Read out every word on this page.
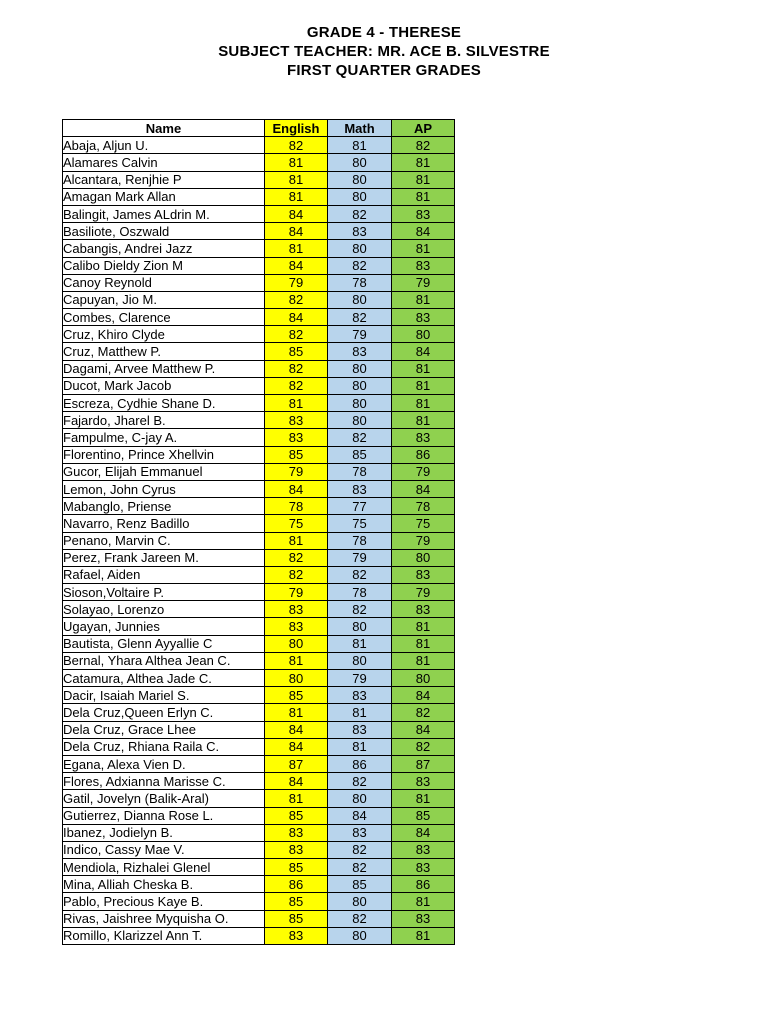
GRADE 4 - THERESE
SUBJECT TEACHER: MR. ACE B. SILVESTRE
FIRST QUARTER GRADES
Name	English	Math	AP
Abaja, Aljun U.	82	81	82
Alamares Calvin	81	80	81
Alcantara, Renjhie P	81	80	81
Amagan Mark Allan	81	80	81
Balingit, James ALdrin M.	84	82	83
Basiliote, Oszwald	84	83	84
Cabangis, Andrei Jazz	81	80	81
Calibo Dieldy Zion M	84	82	83
Canoy Reynold	79	78	79
Capuyan, Jio M.	82	80	81
Combes, Clarence	84	82	83
Cruz, Khiro Clyde	82	79	80
Cruz, Matthew P.	85	83	84
Dagami, Arvee Matthew P.	82	80	81
Ducot, Mark Jacob	82	80	81
Escreza, Cydhie Shane D.	81	80	81
Fajardo, Jharel B.	83	80	81
Fampulme, C-jay A.	83	82	83
Florentino, Prince Xhellvin	85	85	86
Gucor, Elijah Emmanuel	79	78	79
Lemon, John Cyrus	84	83	84
Mabanglo, Priense	78	77	78
Navarro, Renz Badillo	75	75	75
Penano, Marvin C.	81	78	79
Perez, Frank Jareen M.	82	79	80
Rafael, Aiden	82	82	83
Sioson,Voltaire P.	79	78	79
Solayao, Lorenzo	83	82	83
Ugayan, Junnies	83	80	81
Bautista, Glenn Ayyallie C	80	81	81
Bernal, Yhara Althea Jean C.	81	80	81
Catamura, Althea Jade C.	80	79	80
Dacir, Isaiah Mariel S.	85	83	84
Dela Cruz,Queen Erlyn C.	81	81	82
Dela Cruz, Grace Lhee	84	83	84
Dela Cruz, Rhiana Raila C.	84	81	82
Egana, Alexa Vien D.	87	86	87
Flores, Adxianna Marisse C.	84	82	83
Gatil, Jovelyn (Balik-Aral)	81	80	81
Gutierrez, Dianna Rose L.	85	84	85
Ibanez, Jodielyn B.	83	83	84
Indico, Cassy Mae V.	83	82	83
Mendiola, Rizhalei Glenel	85	82	83
Mina, Alliah Cheska B.	86	85	86
Pablo, Precious Kaye B.	85	80	81
Rivas, Jaishree Myquisha O.	85	82	83
Romillo, Klarizzel Ann T.	83	80	81
